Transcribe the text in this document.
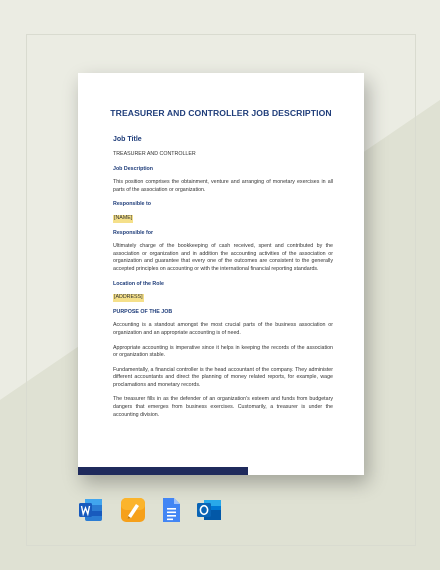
TREASURER AND CONTROLLER JOB DESCRIPTION
Job Title
TREASURER AND CONTROLLER
Job Description
This position comprises the obtainment, venture and arranging of monetary exercises in all parts of the association or organization.
Responsible to
[NAME]
Responsible for
Ultimately charge of the bookkeeping of cash received, spent and contributed by the association or organization and in addition the accounting activities of the association or organization and guarantee that every one of the outcomes are consistent to the generally accepted principles on accounting or with the international financial reporting standards.
Location of the Role
[ADDRESS]
PURPOSE OF THE JOB
Accounting is a standout amongst the most crucial parts of the business association or organization and an appropriate accounting is of need.
Appropriate accounting is imperative since it helps in keeping the records of the association or organization stable.
Fundamentally, a financial controller is the head accountant of the company. They administer different accountants and direct the planning of money related reports, for example, wage proclamations and monetary records.
The treasurer fills in as the defender of an organization's esteem and funds from budgetary dangers that emerges from business exercises. Customarily, a treasurer is under the accounting division.
